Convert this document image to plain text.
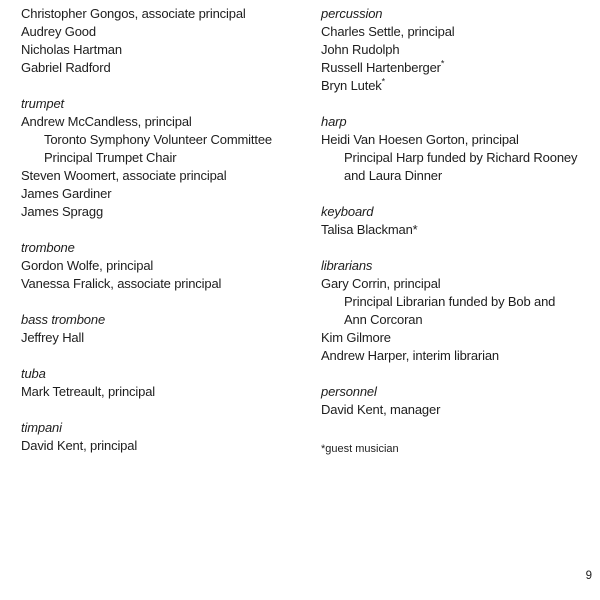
Christopher Gongos, associate principal

Audrey Good

Nicholas Hartman

Gabriel Radford

trumpet

Andrew McCandless, principal

Toronto Symphony Volunteer Committee

Principal Trumpet Chair

Steven Woomert, associate principal

James Gardiner

James Spragg

trombone

Gordon Wolfe, principal

Vanessa Fralick, associate principal

bass trombone

Jeffrey Hall

tuba

Mark Tetreault, principal

timpani

David Kent, principal

percussion

Charles Settle, principal

John Rudolph

Russell Hartenberger*

Bryn Lutek*

harp

Heidi Van Hoesen Gorton, principal

Principal Harp funded by Richard Rooney

and Laura Dinner

keyboard

Talisa Blackman*

librarians

Gary Corrin, principal

Principal Librarian funded by Bob and

Ann Corcoran

Kim Gilmore

Andrew Harper, interim librarian

personnel

David Kent, manager

*guest musician

9
